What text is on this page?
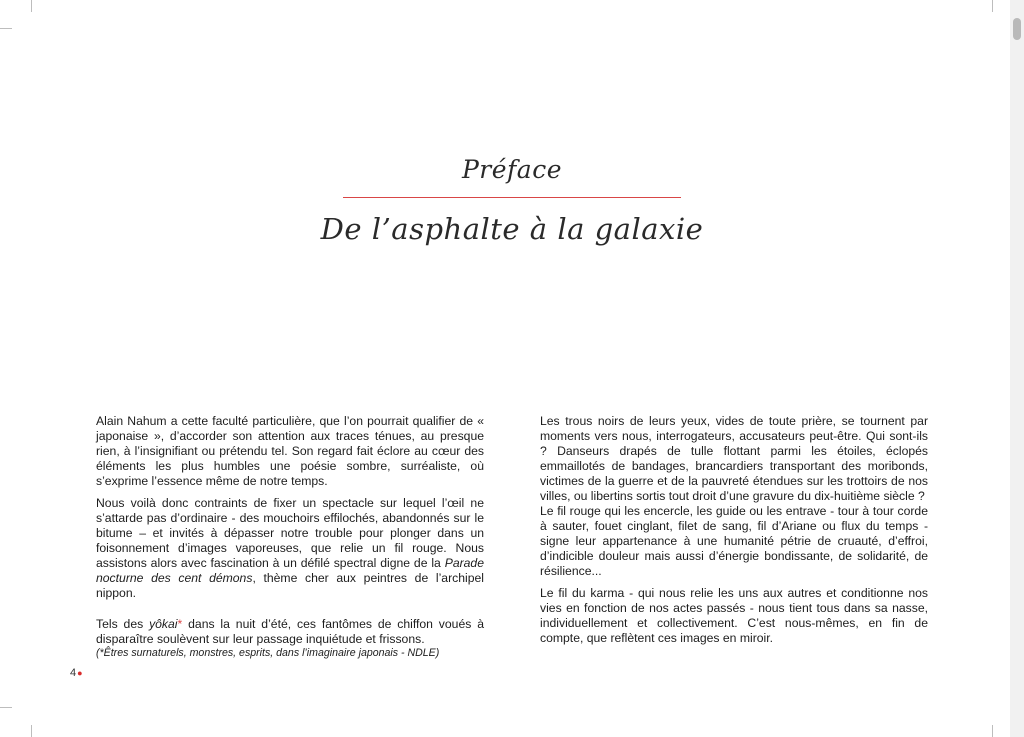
Préface
De l’asphalte à la galaxie

Alain Nahum a cette faculté particulière, que l’on pourrait qualifier de « japonaise », d’accorder son attention aux traces ténues, au presque rien, à l’insignifiant ou prétendu tel. Son regard fait éclore au cœur des éléments les plus humbles une poésie sombre, surréaliste, où s’exprime l’essence même de notre temps.

Nous voilà donc contraints de fixer un spectacle sur lequel l’œil ne s’attarde pas d’ordinaire - des mouchoirs effilochés, abandonnés sur le bitume – et invités à dépasser notre trouble pour plonger dans un foisonnement d’images vaporeuses, que relie un fil rouge. Nous assistons alors avec fascination à un défilé spectral digne de la Parade nocturne des cent démons, thème cher aux peintres de l’archipel nippon.

Tels des yôkai* dans la nuit d’été, ces fantômes de chiffon voués à disparaître soulèvent sur leur passage inquiétude et frissons.

(*Êtres surnaturels, monstres, esprits, dans l’imaginaire japonais - NDLE)

Les trous noirs de leurs yeux, vides de toute prière, se tournent par moments vers nous, interrogateurs, accusateurs peut-être. Qui sont-ils ? Danseurs drapés de tulle flottant parmi les étoiles, éclopés emmaillotés de bandages, brancardiers transportant des moribonds, victimes de la guerre et de la pauvreté étendues sur les trottoirs de nos villes, ou libertins sortis tout droit d’une gravure du dix-huitième siècle ?

Le fil rouge qui les encercle, les guide ou les entrave - tour à tour corde à sauter, fouet cinglant, filet de sang, fil d’Ariane ou flux du temps - signe leur appartenance à une humanité pétrie de cruauté, d’effroi, d’indicible douleur mais aussi d’énergie bondissante, de solidarité, de résilience...

Le fil du karma - qui nous relie les uns aux autres et conditionne nos vies en fonction de nos actes passés - nous tient tous dans sa nasse, individuellement et collectivement. C’est nous-mêmes, en fin de compte, que reflètent ces images en miroir.

4●
